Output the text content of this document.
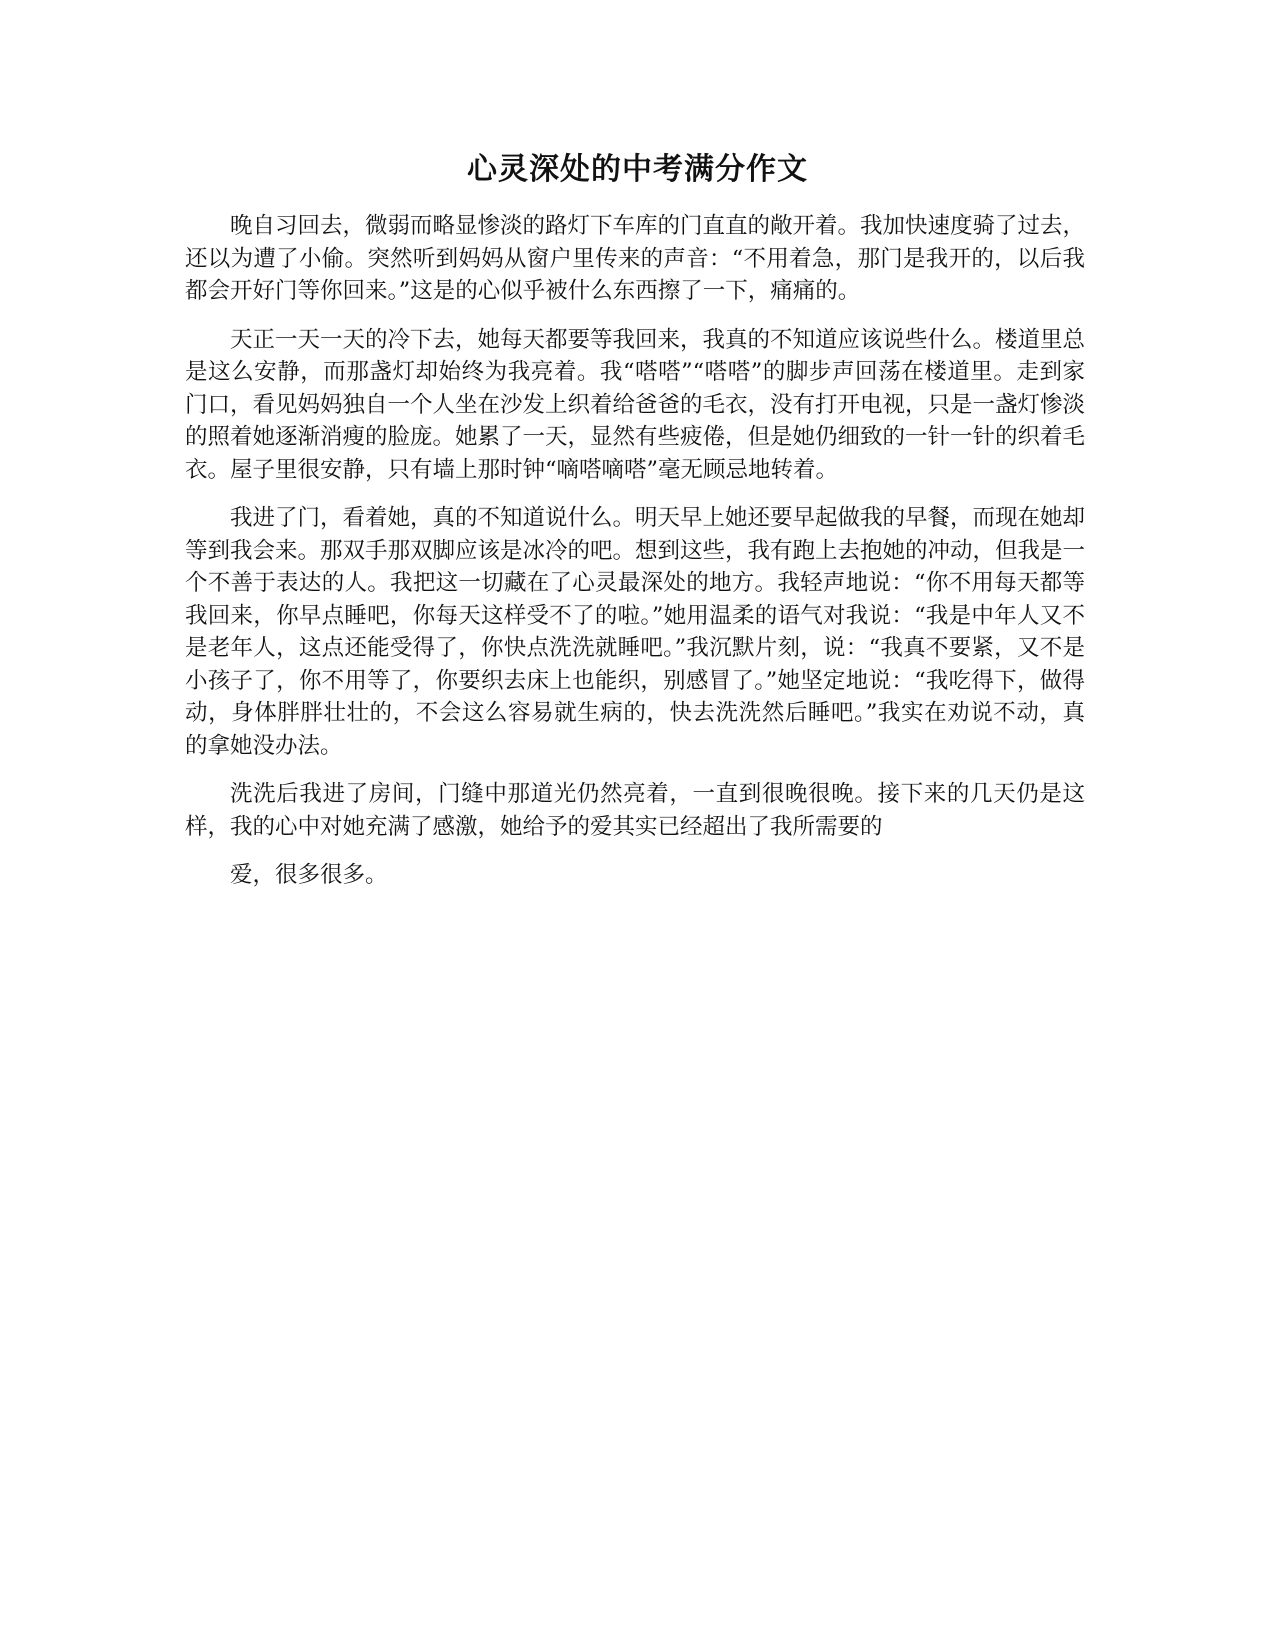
心灵深处的中考满分作文

晚自习回去，微弱而略显惨淡的路灯下车库的门直直的敞开着。我加快速度骑了过去，还以为遭了小偷。突然听到妈妈从窗户里传来的声音：“不用着急，那门是我开的，以后我都会开好门等你回来。”这是的心似乎被什么东西擦了一下，痛痛的。

天正一天一天的冷下去，她每天都要等我回来，我真的不知道应该说些什么。楼道里总是这么安静，而那盏灯却始终为我亮着。我“嗒嗒”“嗒嗒”的脚步声回荡在楼道里。走到家门口，看见妈妈独自一个人坐在沙发上织着给爸爸的毛衣，没有打开电视，只是一盏灯惨淡的照着她逐渐消瘦的脸庞。她累了一天，显然有些疲倦，但是她仍细致的一针一针的织着毛衣。屋子里很安静，只有墙上那时钟“嘀嗒嘀嗒”毫无顾忌地转着。

我进了门，看着她，真的不知道说什么。明天早上她还要早起做我的早餐，而现在她却等到我会来。那双手那双脚应该是冰冷的吧。想到这些，我有跑上去抱她的冲动，但我是一个不善于表达的人。我把这一切藏在了心灵最深处的地方。我轻声地说：“你不用每天都等我回来，你早点睡吧，你每天这样受不了的啦。”她用温柔的语气对我说：“我是中年人又不是老年人，这点还能受得了，你快点洗洗就睡吧。”我沉默片刻，说：“我真不要紧，又不是小孩子了，你不用等了，你要织去床上也能织，别感冒了。”她坚定地说：“我吃得下，做得动，身体胖胖壮壮的，不会这么容易就生病的，快去洗洗然后睡吧。”我实在劝说不动，真的拿她没办法。

洗洗后我进了房间，门缝中那道光仍然亮着，一直到很晚很晚。接下来的几天仍是这样，我的心中对她充满了感激，她给予的爱其实已经超出了我所需要的

爱，很多很多。
